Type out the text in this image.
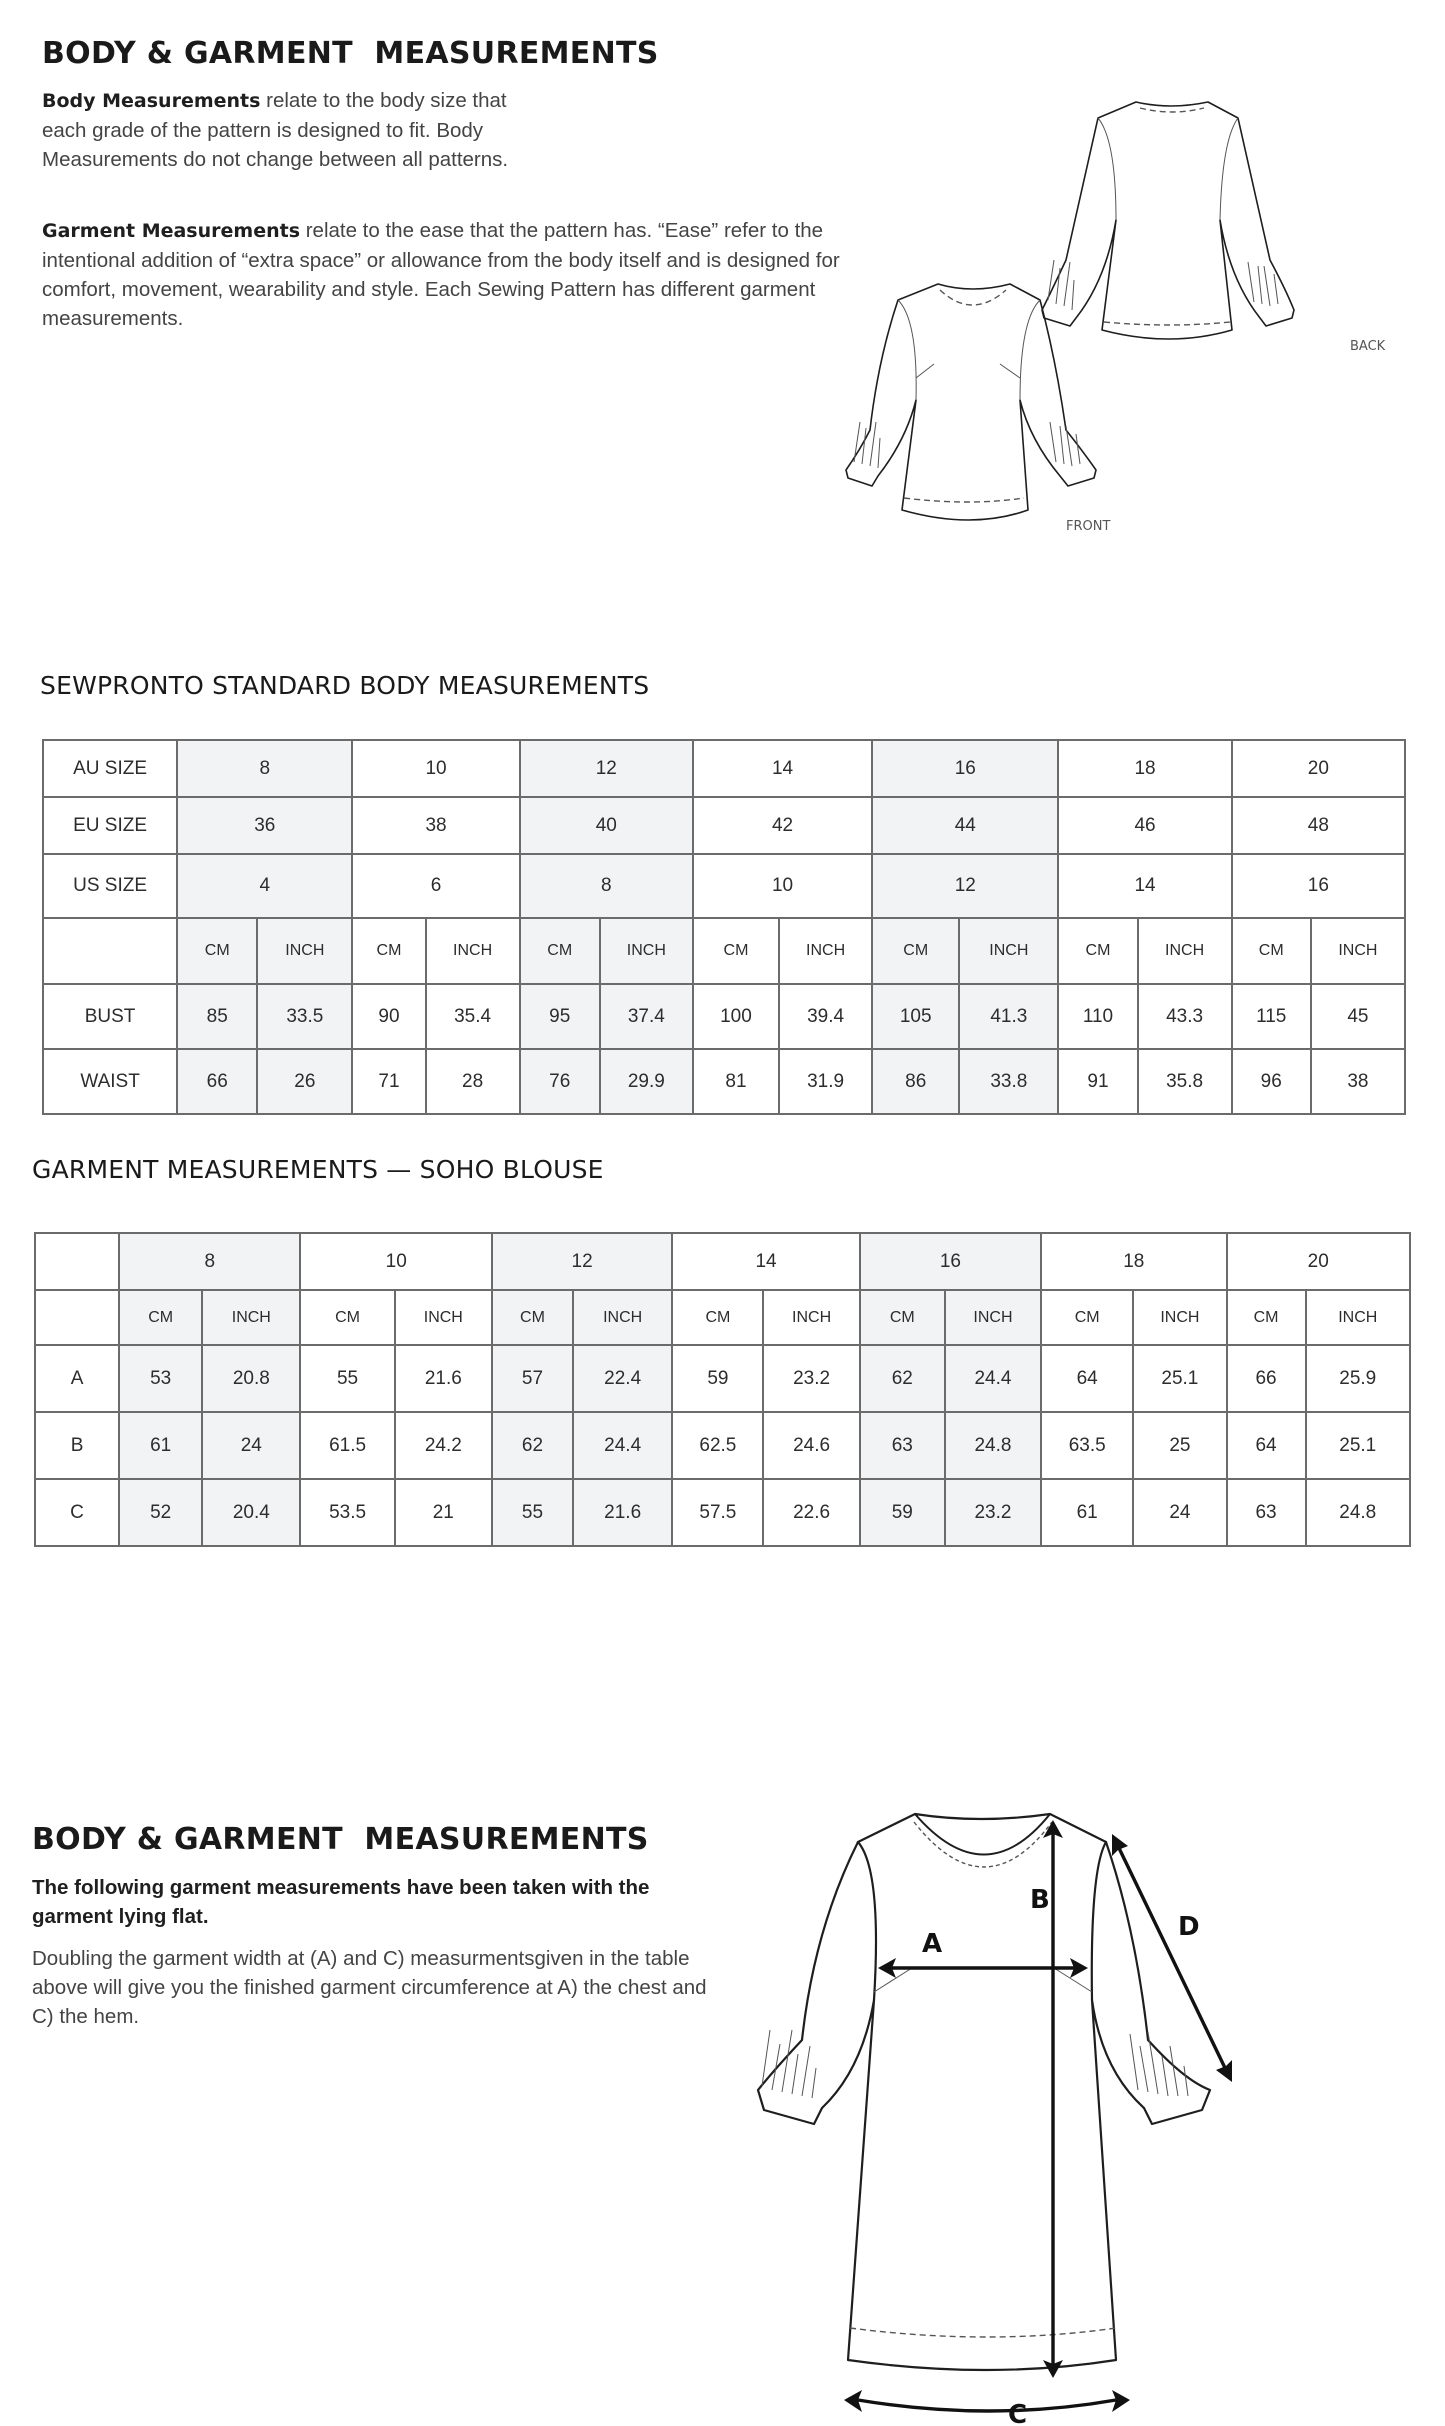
BODY & GARMENT  MEASUREMENTS

Body Measurements relate to the body size that each grade of the pattern is designed to fit. Body Measurements do not change between all patterns.

Garment Measurements relate to the ease that the pattern has. “Ease” refer to the intentional addition of “extra space” or allowance from the body itself and is designed for comfort, movement, wearability and style. Each Sewing Pattern has different garment measurements.

BACK
FRONT
SEWPRONTO STANDARD BODY MEASUREMENTS
AU SIZE	8		10		12		14		16		18		20	
EU SIZE	36		38		40		42		44		46		48	
US SIZE	4		6		8		10		12		14		16	
	CM	INCH	CM	INCH	CM	INCH	CM	INCH	CM	INCH	CM	INCH	CM	INCH
BUST	85	33.5	90	35.4	95	37.4	100	39.4	105	41.3	110	43.3	115	45
WAIST	66	26	71	28	76	29.9	81	31.9	86	33.8	91	35.8	96	38
GARMENT MEASUREMENTS — SOHO BLOUSE
	8		10		12		14		16		18		20	
	CM	INCH	CM	INCH	CM	INCH	CM	INCH	CM	INCH	CM	INCH	CM	INCH
A	53	20.8	55	21.6	57	22.4	59	23.2	62	24.4	64	25.1	66	25.9
B	61	24	61.5	24.2	62	24.4	62.5	24.6	63	24.8	63.5	25	64	25.1
C	52	20.4	53.5	21	55	21.6	57.5	22.6	59	23.2	61	24	63	24.8
BODY & GARMENT  MEASUREMENTS

The following garment measurements have been taken with the garment lying flat.

Doubling the garment width at (A) and C) measurmentsgiven in the table above will give you the finished garment circumference at A) the chest and C) the hem.

A
B
C
D
